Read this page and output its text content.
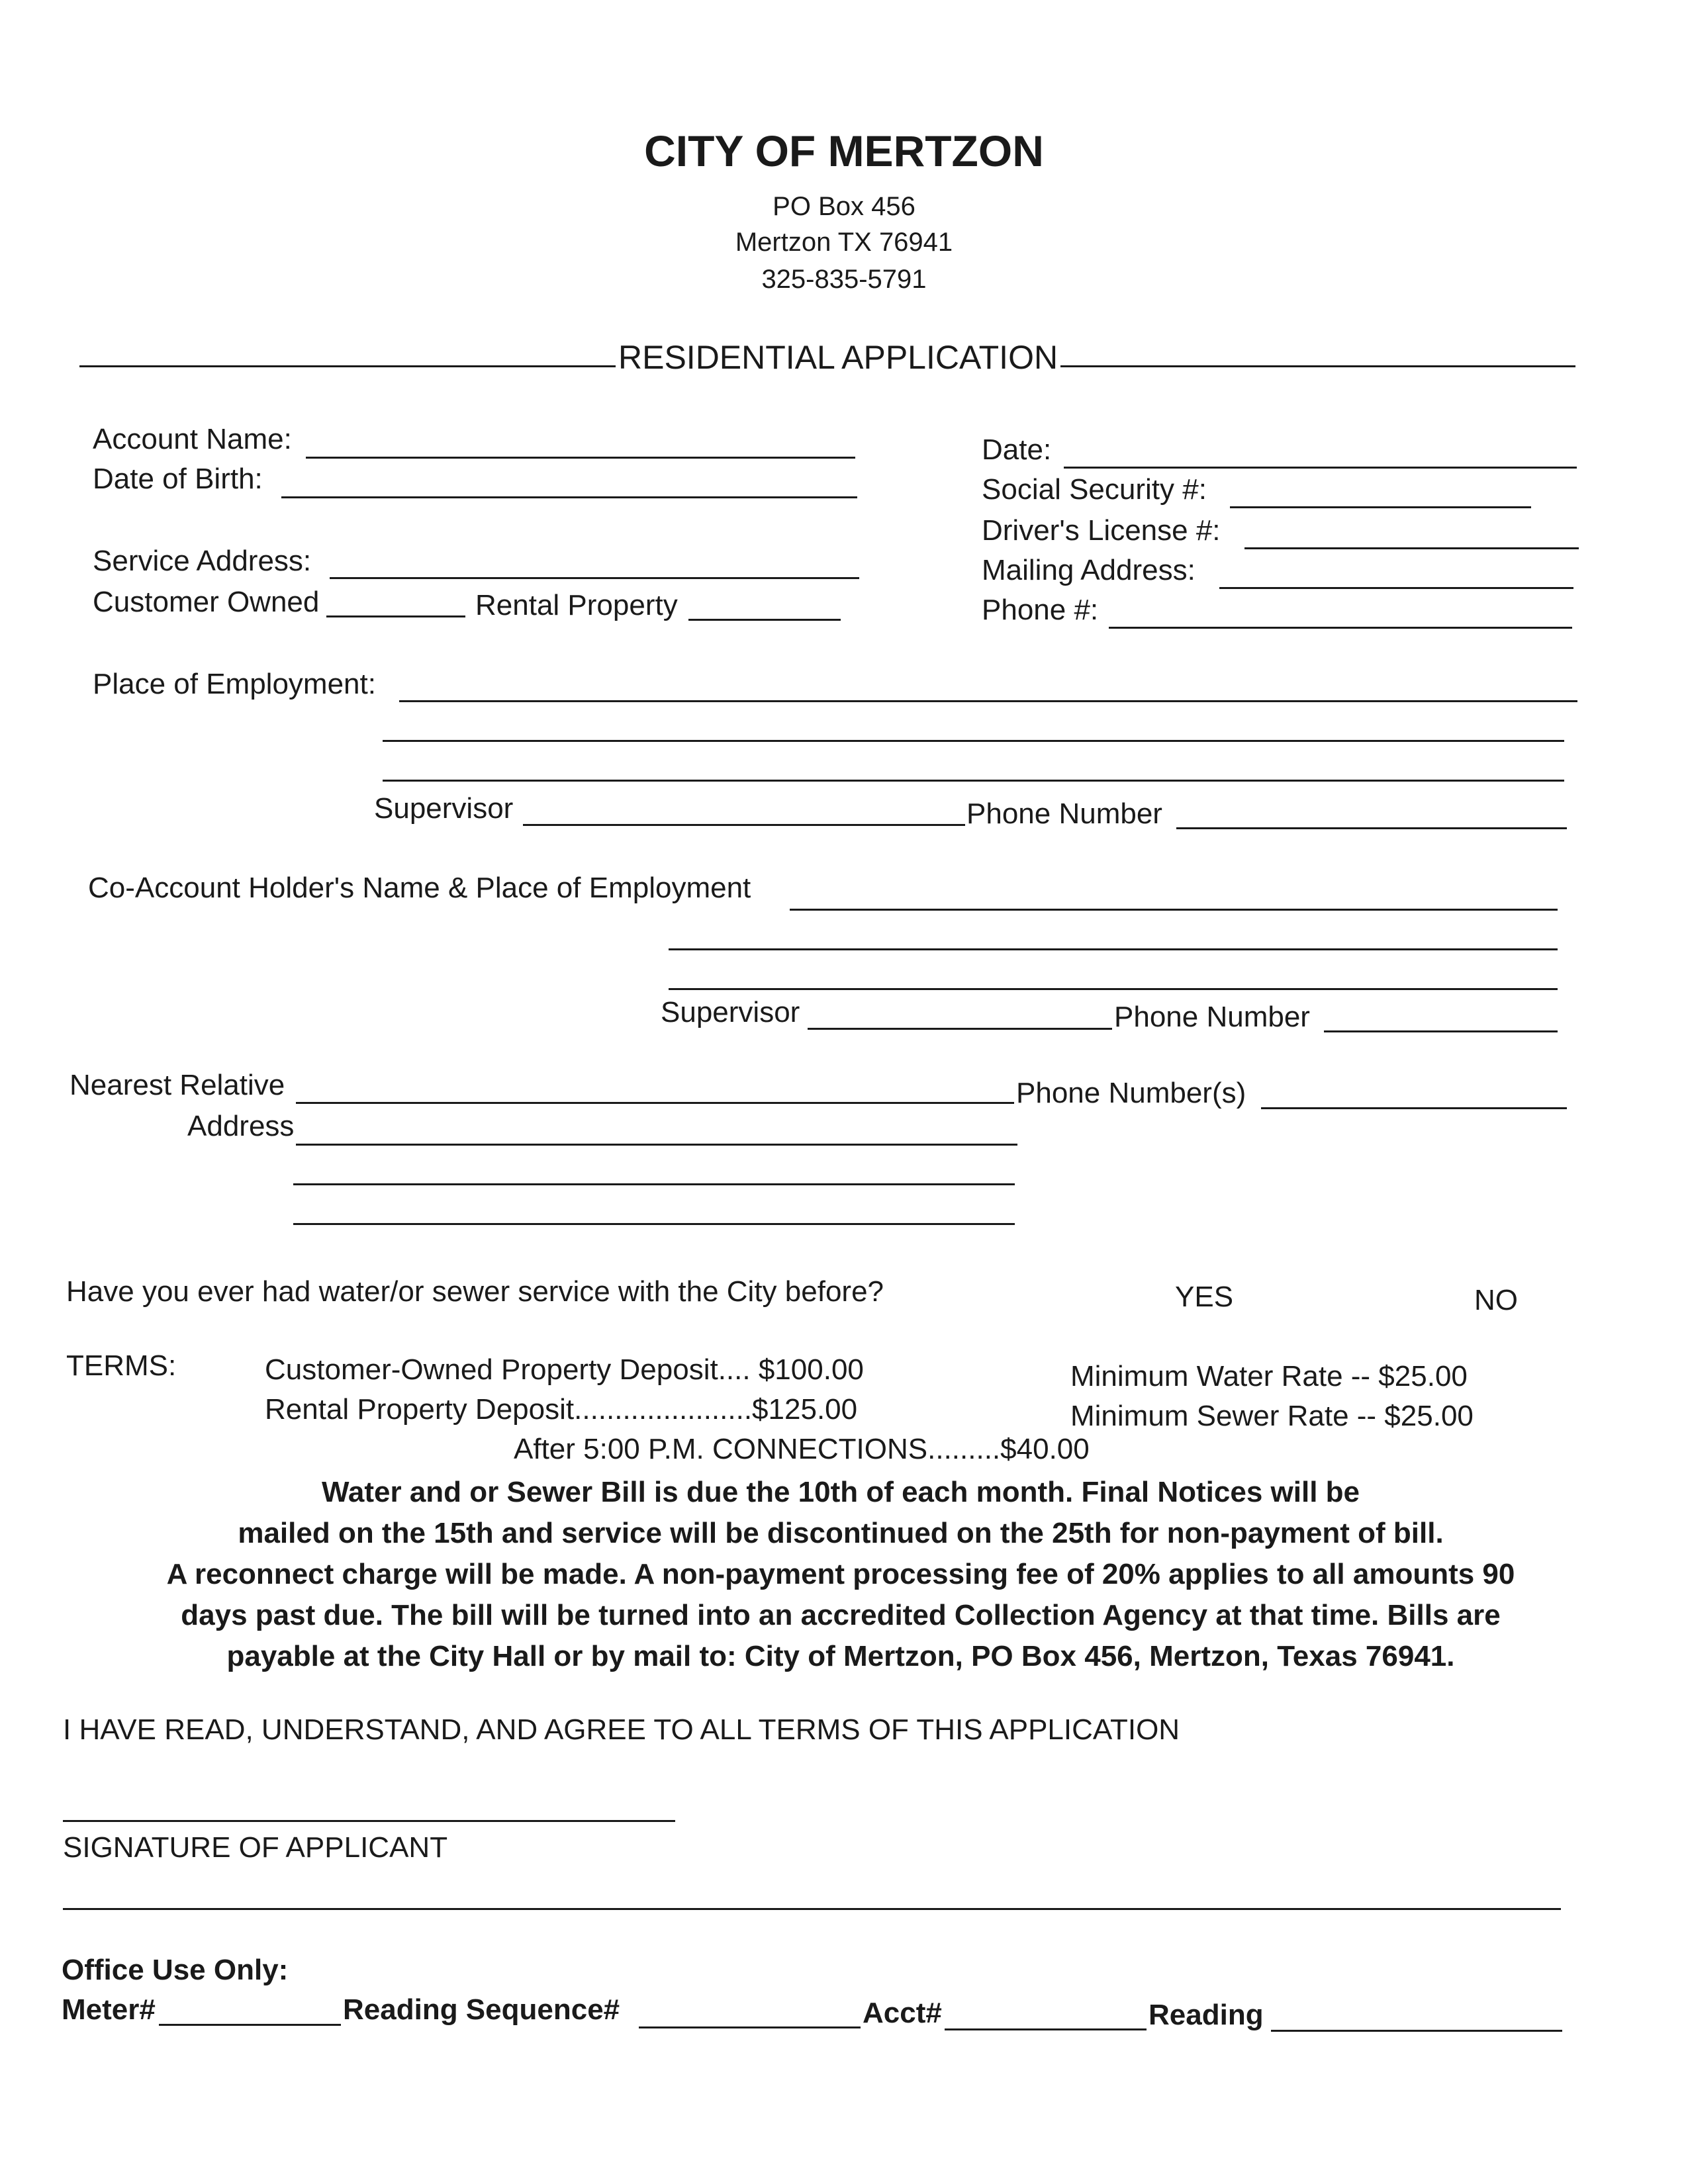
CITY OF MERTZON
PO Box 456
Mertzon TX 76941
325-835-5791
RESIDENTIAL APPLICATION
Account Name:
Date of Birth:
Service Address:
Customer Owned	Rental Property
Date:
Social Security #:
Driver's License #:
Mailing Address:
Phone #:
Place of Employment:
Supervisor	Phone Number
Co-Account Holder's Name & Place of Employment
Supervisor	Phone Number
Nearest Relative	Phone Number(s)
Address
Have you ever had water/or sewer service with the City before?	YES	NO
TERMS:	Customer-Owned Property Deposit.... $100.00
Rental Property Deposit......................$125.00
After 5:00 P.M. CONNECTIONS.........$40.00
Minimum Water Rate -- $25.00
Minimum Sewer Rate -- $25.00
Water and or Sewer Bill is due the 10th of each month. Final Notices will be
mailed on the 15th and service will be discontinued on the 25th for non-payment of bill.
A reconnect charge will be made. A non-payment processing fee of 20% applies to all amounts 90
days past due. The bill will be turned into an accredited Collection Agency at that time. Bills are
payable at the City Hall or by mail to: City of Mertzon, PO Box 456, Mertzon, Texas 76941.
I HAVE READ, UNDERSTAND, AND AGREE TO ALL TERMS OF THIS APPLICATION
SIGNATURE OF APPLICANT
Office Use Only:
Meter#	Reading Sequence#	Acct#	Reading
